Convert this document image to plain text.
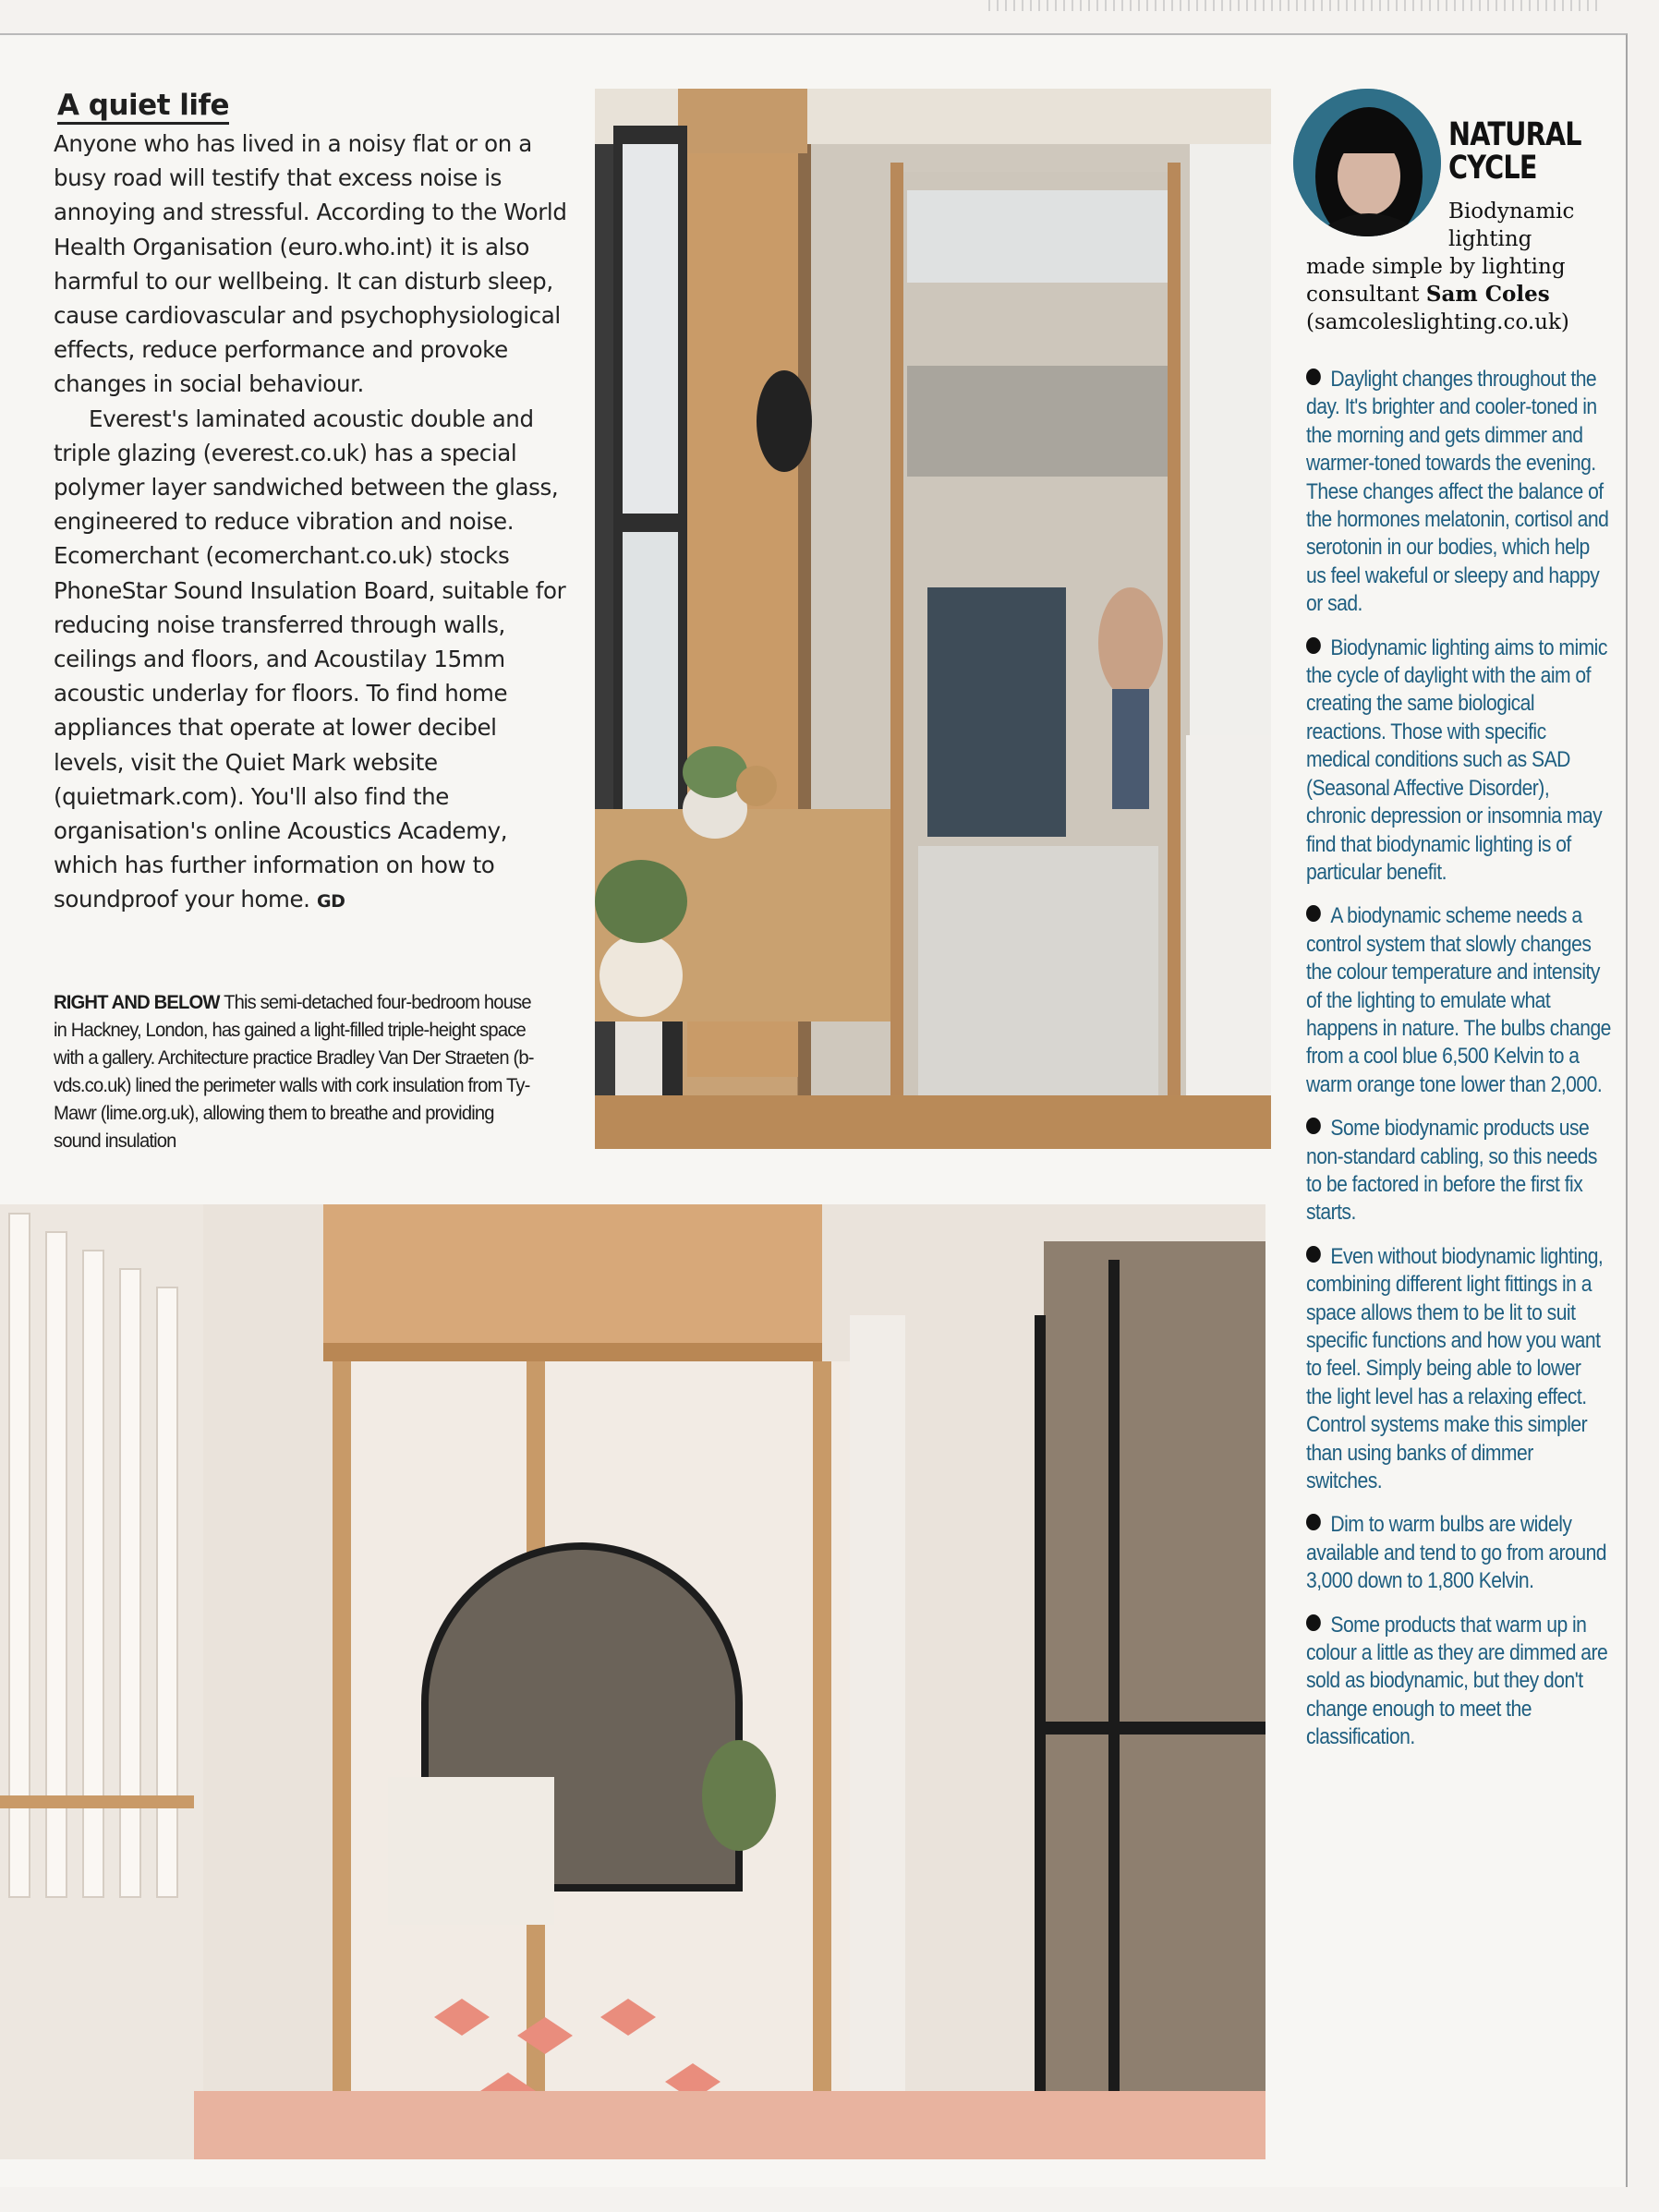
A quiet life

Anyone who has lived in a noisy flat or on a busy road will testify that excess noise is annoying and stressful. According to the World Health Organisation (euro.who.int) it is also harmful to our wellbeing. It can disturb sleep, cause cardiovascular and psychophysiological effects, reduce performance and provoke changes in social behaviour.

Everest's laminated acoustic double and triple glazing (everest.co.uk) has a special polymer layer sandwiched between the glass, engineered to reduce vibration and noise. Ecomerchant (ecomerchant.co.uk) stocks PhoneStar Sound Insulation Board, suitable for reducing noise transferred through walls, ceilings and floors, and Acoustilay 15mm acoustic underlay for floors. To find home appliances that operate at lower decibel levels, visit the Quiet Mark website (quietmark.com). You'll also find the organisation's online Acoustics Academy, which has further information on how to soundproof your home. GD

RIGHT AND BELOW This semi-detached four-bedroom house in Hackney, London, has gained a light-filled triple-height space with a gallery. Architecture practice Bradley Van Der Straeten (b-vds.co.uk) lined the perimeter walls with cork insulation from Ty-Mawr (lime.org.uk), allowing them to breathe and providing sound insulation
NATURAL CYCLE
Biodynamic lighting
made simple by lighting consultant Sam Coles (samcoleslighting.co.uk)
Daylight changes throughout the day. It's brighter and cooler-toned in the morning and gets dimmer and warmer-toned towards the evening. These changes affect the balance of the hormones melatonin, cortisol and serotonin in our bodies, which help us feel wakeful or sleepy and happy or sad.
Biodynamic lighting aims to mimic the cycle of daylight with the aim of creating the same biological reactions. Those with specific medical conditions such as SAD (Seasonal Affective Disorder), chronic depression or insomnia may find that biodynamic lighting is of particular benefit.
A biodynamic scheme needs a control system that slowly changes the colour temperature and intensity of the lighting to emulate what happens in nature. The bulbs change from a cool blue 6,500 Kelvin to a warm orange tone lower than 2,000.
Some biodynamic products use non-standard cabling, so this needs to be factored in before the first fix starts.
Even without biodynamic lighting, combining different light fittings in a space allows them to be lit to suit specific functions and how you want to feel. Simply being able to lower the light level has a relaxing effect. Control systems make this simpler than using banks of dimmer switches.
Dim to warm bulbs are widely available and tend to go from around 3,000 down to 1,800 Kelvin.
Some products that warm up in colour a little as they are dimmed are sold as biodynamic, but they don't change enough to meet the classification.
